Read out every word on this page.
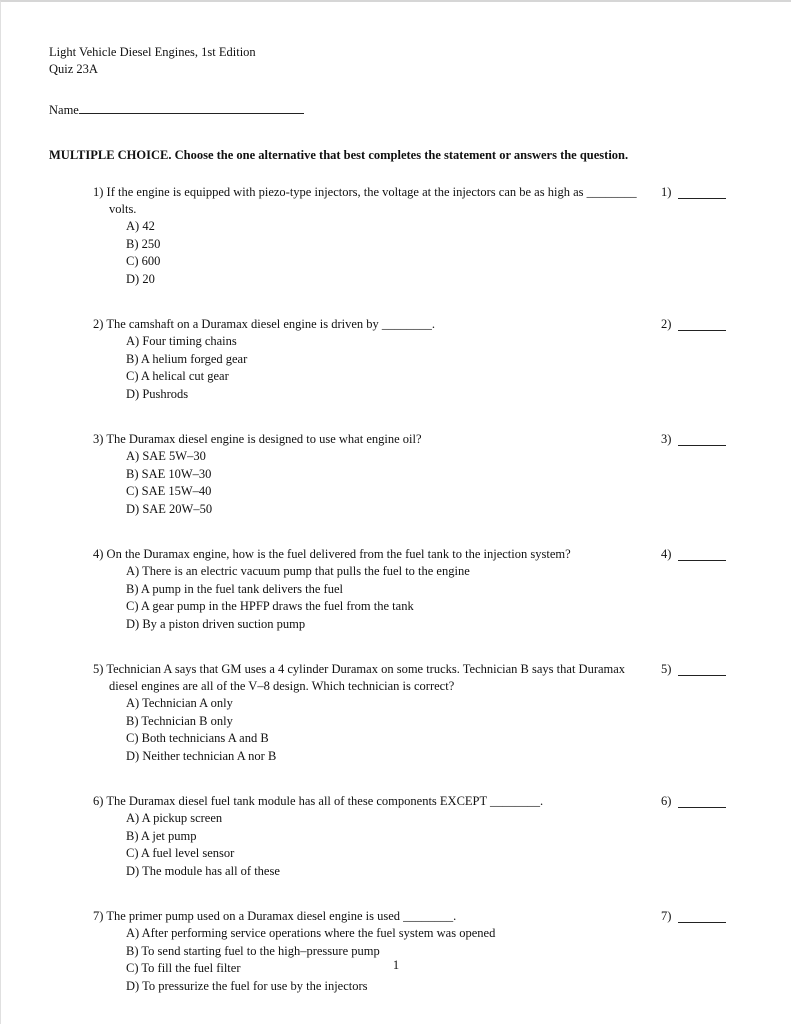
Light Vehicle Diesel Engines, 1st Edition
Quiz 23A
Name
MULTIPLE CHOICE. Choose the one alternative that best completes the statement or answers the question.
1) If the engine is equipped with piezo-type injectors, the voltage at the injectors can be as high as ________ volts.
A) 42
B) 250
C) 600
D) 20
1)
2) The camshaft on a Duramax diesel engine is driven by ________.
A) Four timing chains
B) A helium forged gear
C) A helical cut gear
D) Pushrods
2)
3) The Duramax diesel engine is designed to use what engine oil?
A) SAE 5W–30
B) SAE 10W–30
C) SAE 15W–40
D) SAE 20W–50
3)
4) On the Duramax engine, how is the fuel delivered from the fuel tank to the injection system?
A) There is an electric vacuum pump that pulls the fuel to the engine
B) A pump in the fuel tank delivers the fuel
C) A gear pump in the HPFP draws the fuel from the tank
D) By a piston driven suction pump
4)
5) Technician A says that GM uses a 4 cylinder Duramax on some trucks. Technician B says that Duramax diesel engines are all of the V–8 design. Which technician is correct?
A) Technician A only
B) Technician B only
C) Both technicians A and B
D) Neither technician A nor B
5)
6) The Duramax diesel fuel tank module has all of these components EXCEPT ________.
A) A pickup screen
B) A jet pump
C) A fuel level sensor
D) The module has all of these
6)
7) The primer pump used on a Duramax diesel engine is used ________.
A) After performing service operations where the fuel system was opened
B) To send starting fuel to the high–pressure pump
C) To fill the fuel filter
D) To pressurize the fuel for use by the injectors
7)
1
